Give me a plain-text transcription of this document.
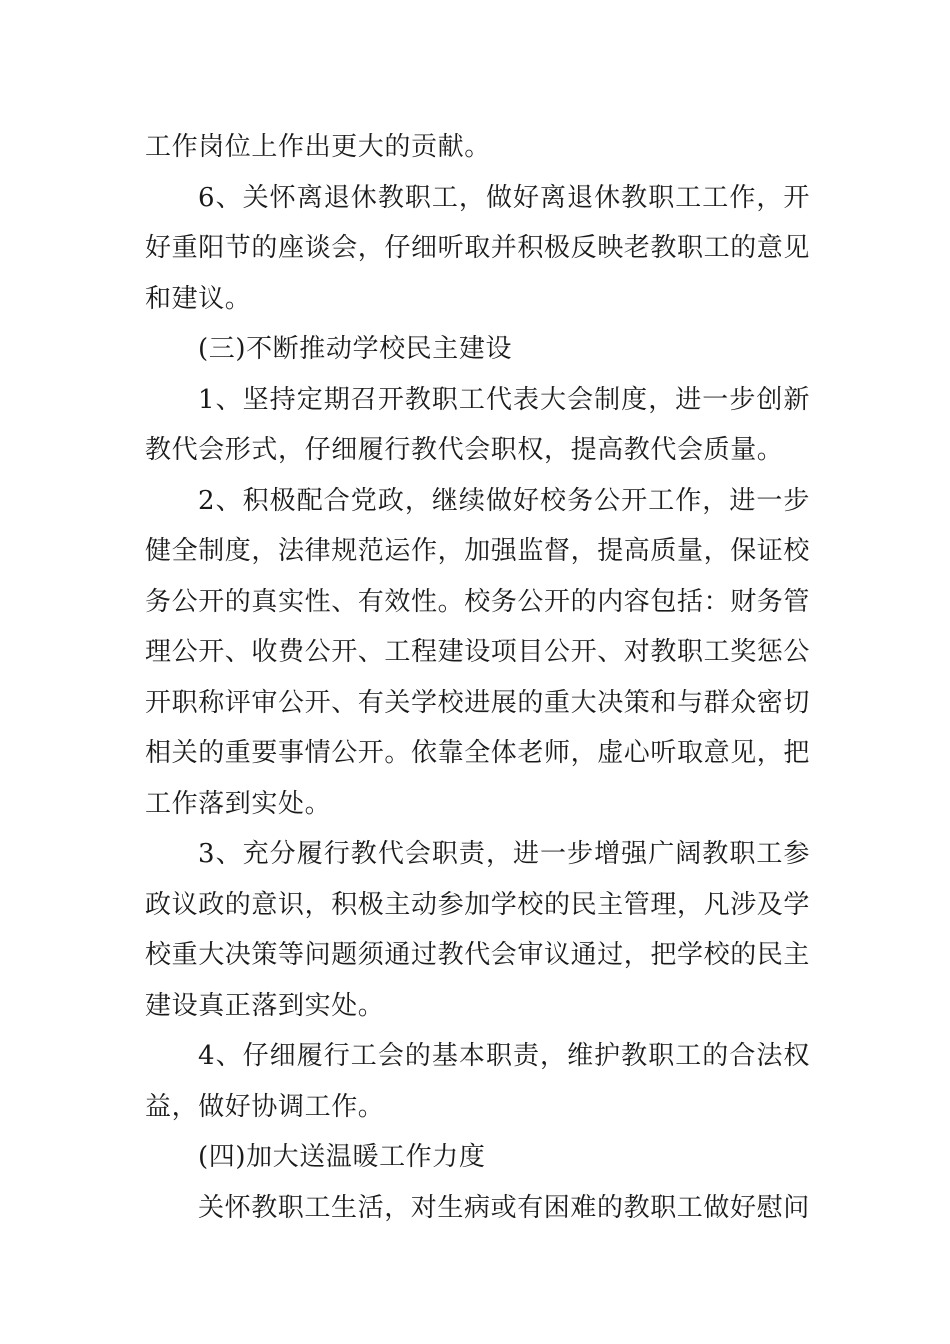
工作岗位上作出更大的贡献。

6、关怀离退休教职工，做好离退休教职工工作，开好重阳节的座谈会，仔细听取并积极反映老教职工的意见和建议。

(三)不断推动学校民主建设

1、坚持定期召开教职工代表大会制度，进一步创新教代会形式，仔细履行教代会职权，提高教代会质量。

2、积极配合党政，继续做好校务公开工作，进一步健全制度，法律规范运作，加强监督，提高质量，保证校务公开的真实性、有效性。校务公开的内容包括：财务管理公开、收费公开、工程建设项目公开、对教职工奖惩公开职称评审公开、有关学校进展的重大决策和与群众密切相关的重要事情公开。依靠全体老师，虚心听取意见，把工作落到实处。

3、充分履行教代会职责，进一步增强广阔教职工参政议政的意识，积极主动参加学校的民主管理，凡涉及学校重大决策等问题须通过教代会审议通过，把学校的民主建设真正落到实处。

4、仔细履行工会的基本职责，维护教职工的合法权益，做好协调工作。

(四)加大送温暖工作力度

关怀教职工生活，对生病或有困难的教职工做好慰问
